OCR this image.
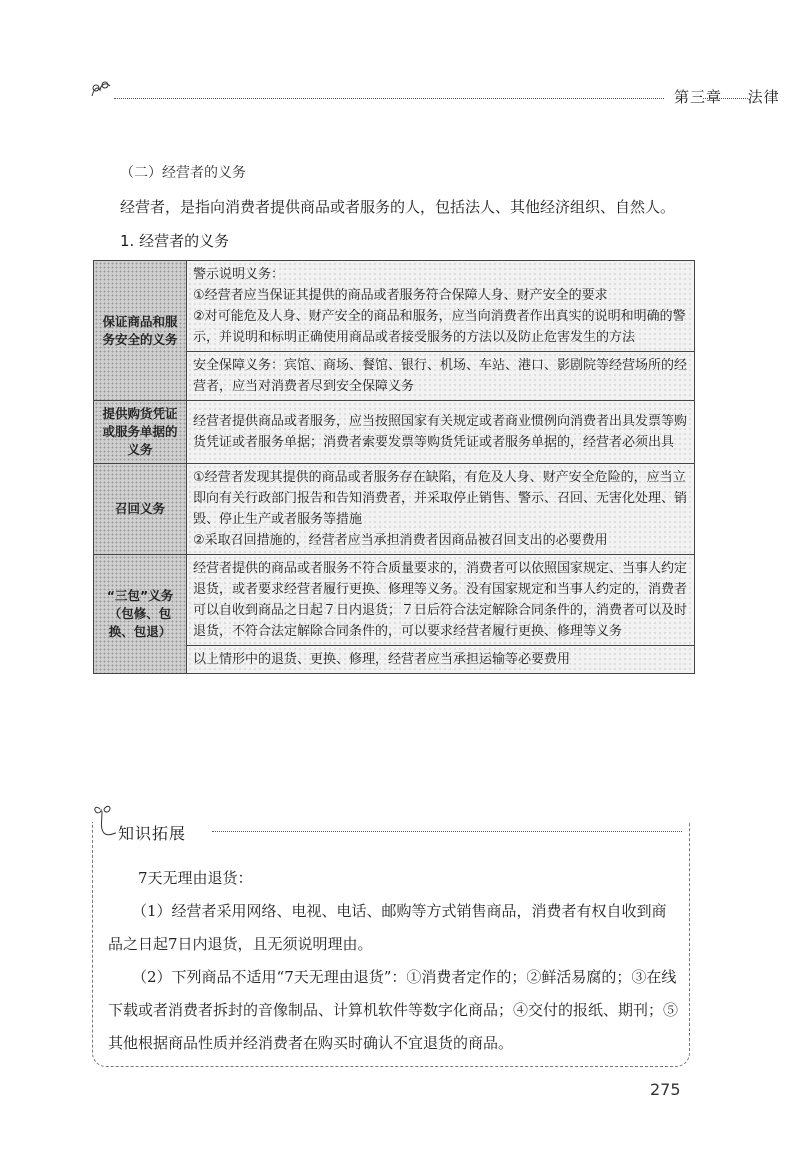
第三章 法律
（二）经营者的义务
经营者，是指向消费者提供商品或者服务的人，包括法人、其他经济组织、自然人。
1. 经营者的义务
保证商品和服务安全的义务	警示说明义务：
①经营者应当保证其提供的商品或者服务符合保障人身、财产安全的要求
②对可能危及人身、财产安全的商品和服务，应当向消费者作出真实的说明和明确的警示，并说明和标明正确使用商品或者接受服务的方法以及防止危害发生的方法

	安全保障义务：宾馆、商场、餐馆、银行、机场、车站、港口、影剧院等经营场所的经营者，应当对消费者尽到安全保障义务
提供购货凭证或服务单据的义务	经营者提供商品或者服务，应当按照国家有关规定或者商业惯例向消费者出具发票等购货凭证或者服务单据；消费者索要发票等购货凭证或者服务单据的，经营者必须出具
召回义务	①经营者发现其提供的商品或者服务存在缺陷，有危及人身、财产安全危险的，应当立即向有关行政部门报告和告知消费者，并采取停止销售、警示、召回、无害化处理、销毁、停止生产或者服务等措施
②采取召回措施的，经营者应当承担消费者因商品被召回支出的必要费用

“三包”义务（包修、包换、包退）	经营者提供的商品或者服务不符合质量要求的，消费者可以依照国家规定、当事人约定退货，或者要求经营者履行更换、修理等义务。没有国家规定和当事人约定的，消费者可以自收到商品之日起７日内退货；７日后符合法定解除合同条件的，消费者可以及时退货，不符合法定解除合同条件的，可以要求经营者履行更换、修理等义务
	以上情形中的退货、更换、修理，经营者应当承担运输等必要费用
知识拓展

7天无理由退货：

（1）经营者采用网络、电视、电话、邮购等方式销售商品，消费者有权自收到商品之日起7日内退货，且无须说明理由。

（2）下列商品不适用“7天无理由退货”：①消费者定作的；②鲜活易腐的；③在线下载或者消费者拆封的音像制品、计算机软件等数字化商品；④交付的报纸、期刊；⑤其他根据商品性质并经消费者在购买时确认不宜退货的商品。

275
